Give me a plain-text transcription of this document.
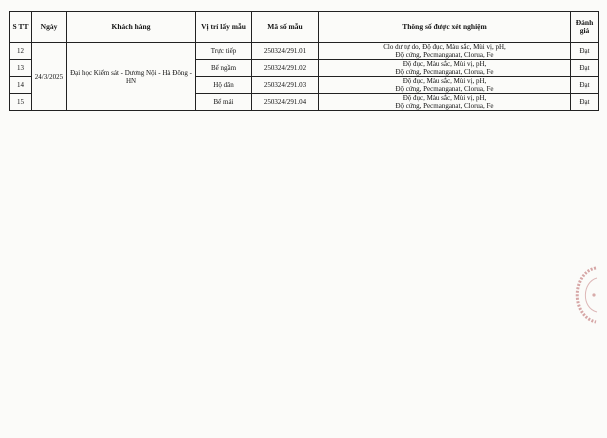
S TT	Ngày	Khách hàng	Vị trí lấy mẫu	Mã số mẫu	Thông số được xét nghiệm	Đánh giá
12	24/3/2025	Đại học Kiểm sát - Dương Nội - Hà Đông - HN	Trực tiếp	250324/291.01	Clo dư tự do, Độ đục, Màu sắc, Mùi vị, pH,
Độ cứng, Pecmanganat, Clorua, Fe	Đạt
13			Bể ngầm	250324/291.02	Độ đục, Màu sắc, Mùi vị, pH,
Độ cứng, Pecmanganat, Clorua, Fe	Đạt
14			Hộ dân	250324/291.03	Độ đục, Màu sắc, Mùi vị, pH,
Độ cứng, Pecmanganat, Clorua, Fe	Đạt
15			Bể mái	250324/291.04	Độ đục, Màu sắc, Mùi vị, pH,
Độ cứng, Pecmanganat, Clorua, Fe	Đạt
